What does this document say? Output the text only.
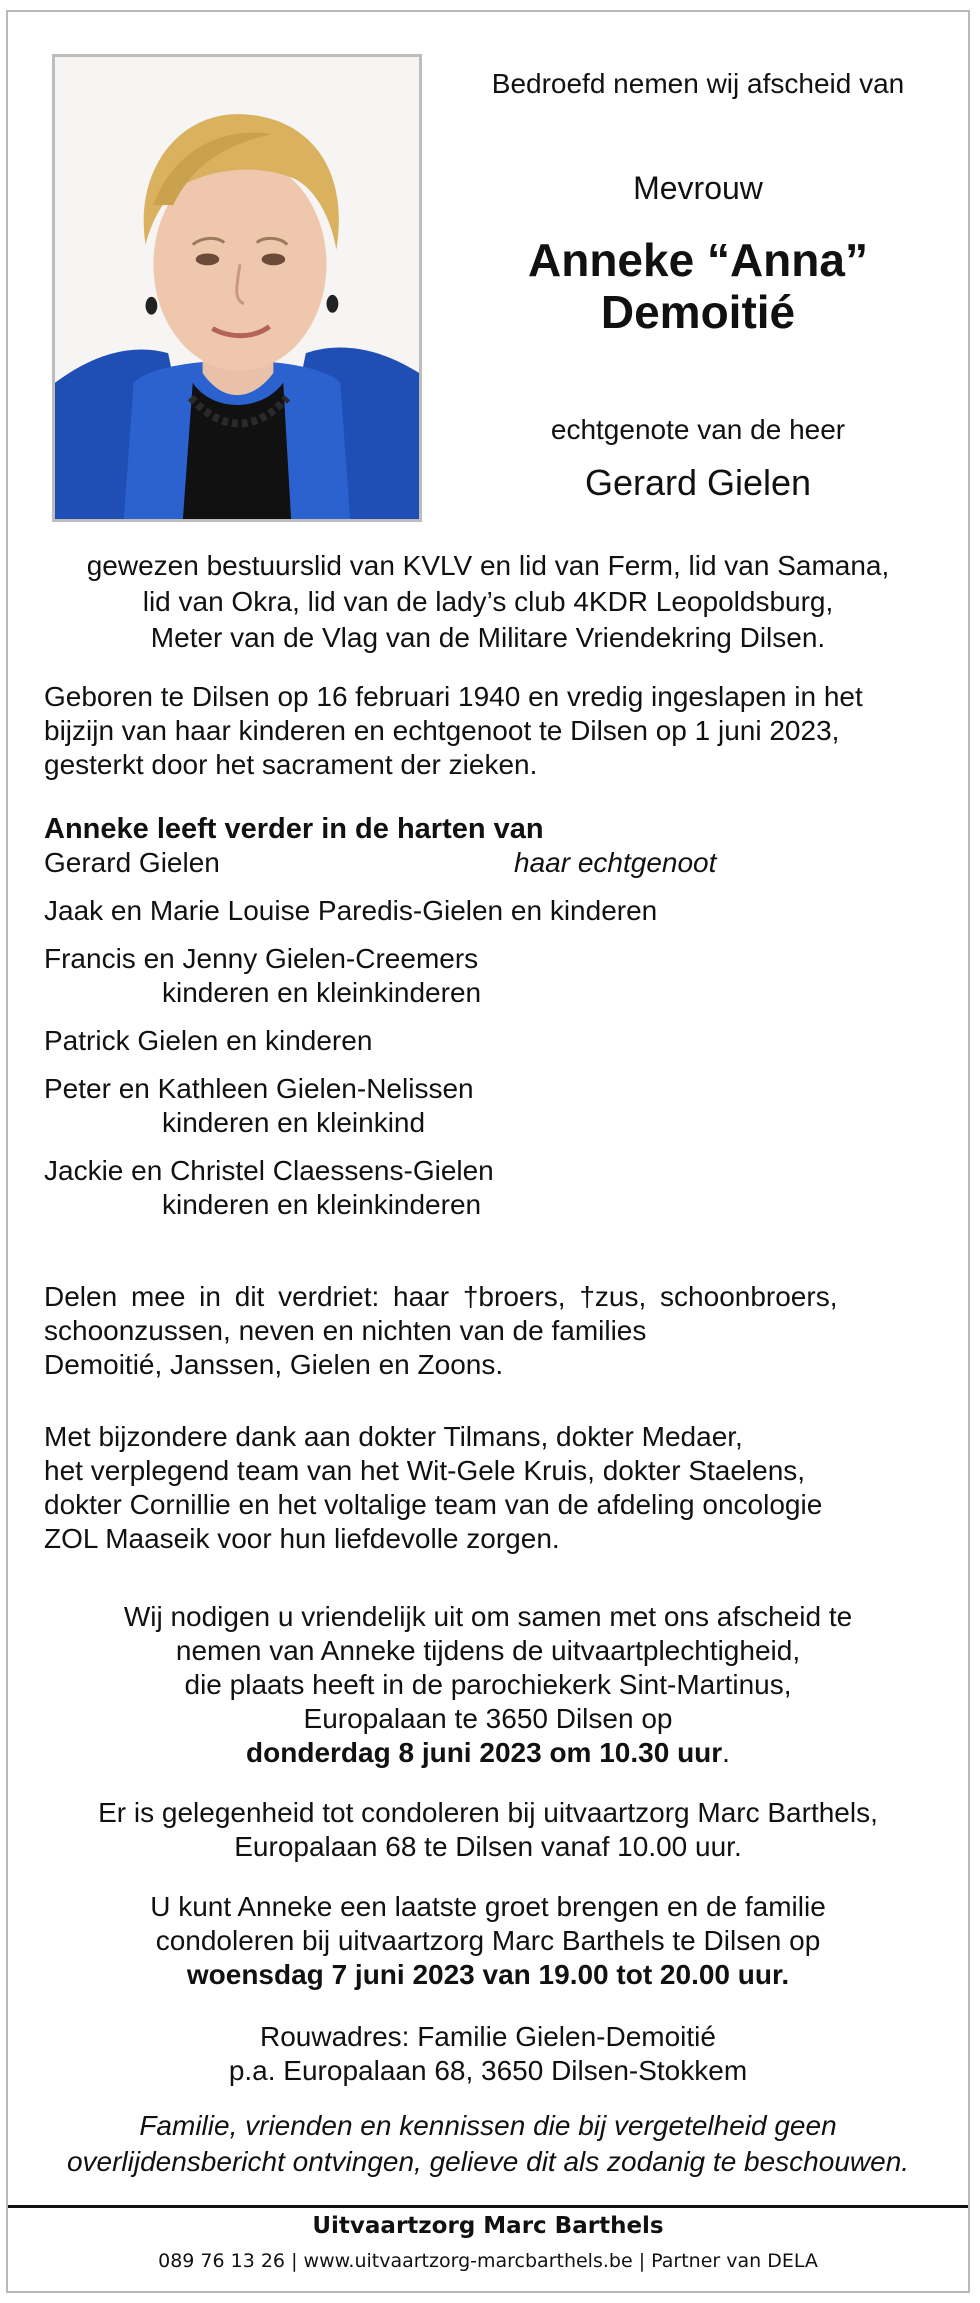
Bedroefd nemen wij afscheid van
Mevrouw
Anneke “Anna”
Demoitié
echtgenote van de heer
Gerard Gielen
gewezen bestuurslid van KVLV en lid van Ferm, lid van Samana,
lid van Okra, lid van de lady’s club 4KDR Leopoldsburg,
Meter van de Vlag van de Militare Vriendekring Dilsen.
Geboren te Dilsen op 16 februari 1940 en vredig ingeslapen in het
bijzijn van haar kinderen en echtgenoot te Dilsen op 1 juni 2023,
gesterkt door het sacrament der zieken.
Anneke leeft verder in de harten van
Gerard Gielen	haar echtgenoot
Jaak en Marie Louise Paredis-Gielen en kinderen
Francis en Jenny Gielen-Creemers
kinderen en kleinkinderen
Patrick Gielen en kinderen
Peter en Kathleen Gielen-Nelissen
kinderen en kleinkind
Jackie en Christel Claessens-Gielen
kinderen en kleinkinderen
Delen mee in dit verdriet: haar †broers, †zus, schoonbroers,
schoonzussen, neven en nichten van de families
Demoitié, Janssen, Gielen en Zoons.
Met bijzondere dank aan dokter Tilmans, dokter Medaer,
het verplegend team van het Wit-Gele Kruis, dokter Staelens,
dokter Cornillie en het voltalige team van de afdeling oncologie
ZOL Maaseik voor hun liefdevolle zorgen.
Wij nodigen u vriendelijk uit om samen met ons afscheid te
nemen van Anneke tijdens de uitvaartplechtigheid,
die plaats heeft in de parochiekerk Sint-Martinus,
Europalaan te 3650 Dilsen op
donderdag 8 juni 2023 om 10.30 uur.
Er is gelegenheid tot condoleren bij uitvaartzorg Marc Barthels,
Europalaan 68 te Dilsen vanaf 10.00 uur.
U kunt Anneke een laatste groet brengen en de familie
condoleren bij uitvaartzorg Marc Barthels te Dilsen op
woensdag 7 juni 2023 van 19.00 tot 20.00 uur.
Rouwadres: Familie Gielen-Demoitié
p.a. Europalaan 68, 3650 Dilsen-Stokkem
Familie, vrienden en kennissen die bij vergetelheid geen
overlijdensbericht ontvingen, gelieve dit als zodanig te beschouwen.
Uitvaartzorg Marc Barthels
089 76 13 26 | www.uitvaartzorg-marcbarthels.be | Partner van DELA
